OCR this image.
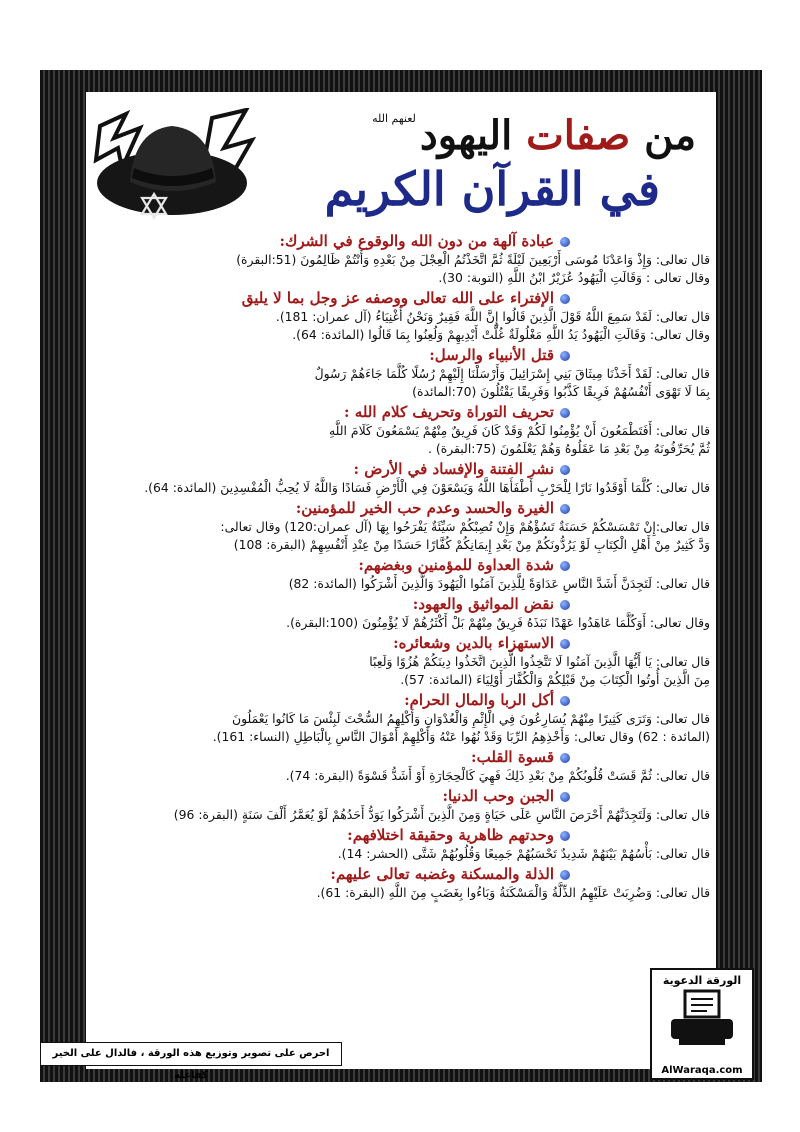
من صفات اليهود$^{لعنهم الله}$
في القرآن الكريم
عبادة آلهة من دون الله والوقوع في الشرك:
قال تعالى: وَإِذْ وَاعَدْنَا مُوسَى أَرْبَعِينَ لَيْلَةً ثُمَّ اتَّخَذْتُمُ الْعِجْلَ مِنْ بَعْدِهِ وَأَنْتُمْ ظَالِمُونَ (51:البقرة)
وقال تعالى : وَقَالَتِ الْيَهُودُ عُزَيْرٌ ابْنُ اللَّهِ (التوبة: 30).
الإفتراء على الله تعالى ووصفه عز وجل بما لا يليق
قال تعالى: لَقَدْ سَمِعَ اللَّهُ قَوْلَ الَّذِينَ قَالُوا إِنَّ اللَّهَ فَقِيرٌ وَنَحْنُ أَغْنِيَاءُ (آل عمران: 181).
وقال تعالى: وَقَالَتِ الْيَهُودُ يَدُ اللَّهِ مَغْلُولَةٌ غُلَّتْ أَيْدِيهِمْ وَلُعِنُوا بِمَا قَالُوا (المائدة: 64).
قتل الأنبياء والرسل:
قال تعالى: لَقَدْ أَخَذْنَا مِيثَاقَ بَنِي إِسْرَائِيلَ وَأَرْسَلْنَا إِلَيْهِمْ رُسُلًا كُلَّمَا جَاءَهُمْ رَسُولٌ
بِمَا لَا تَهْوَى أَنْفُسُهُمْ فَرِيقًا كَذَّبُوا وَفَرِيقًا يَقْتُلُونَ (70:المائدة)
تحريف التوراة وتحريف كلام الله :
قال تعالى: أَفَتَطْمَعُونَ أَنْ يُؤْمِنُوا لَكُمْ وَقَدْ كَانَ فَرِيقٌ مِنْهُمْ يَسْمَعُونَ كَلَامَ اللَّهِ
ثُمَّ يُحَرِّفُونَهُ مِنْ بَعْدِ مَا عَقَلُوهُ وَهُمْ يَعْلَمُونَ (75:البقرة) .
نشر الفتنة والإفساد في الأرض :
قال تعالى: كُلَّمَا أَوْقَدُوا نَارًا لِلْحَرْبِ أَطْفَأَهَا اللَّهُ وَيَسْعَوْنَ فِي الْأَرْضِ فَسَادًا وَاللَّهُ لَا يُحِبُّ الْمُفْسِدِينَ (المائدة: 64).
الغيرة والحسد وعدم حب الخير للمؤمنين:
قال تعالى:إِنْ تَمْسَسْكُمْ حَسَنَةٌ تَسُؤْهُمْ وَإِنْ تُصِبْكُمْ سَيِّئَةٌ يَفْرَحُوا بِهَا (آل عمران:120) وقال تعالى:
وَدَّ كَثِيرٌ مِنْ أَهْلِ الْكِتَابِ لَوْ يَرُدُّونَكُمْ مِنْ بَعْدِ إِيمَانِكُمْ كُفَّارًا حَسَدًا مِنْ عِنْدِ أَنْفُسِهِمْ (البقرة: 108)
شدة العداوة للمؤمنين وبغضهم:
قال تعالى: لَتَجِدَنَّ أَشَدَّ النَّاسِ عَدَاوَةً لِلَّذِينَ آمَنُوا الْيَهُودَ وَالَّذِينَ أَشْرَكُوا (المائدة: 82)
نقض المواثيق والعهود:
وقال تعالى: أَوَكُلَّمَا عَاهَدُوا عَهْدًا نَبَذَهُ فَرِيقٌ مِنْهُمْ بَلْ أَكْثَرُهُمْ لَا يُؤْمِنُونَ (100:البقرة).
الاستهزاء بالدين وشعائره:
قال تعالى: يَا أَيُّهَا الَّذِينَ آمَنُوا لَا تَتَّخِذُوا الَّذِينَ اتَّخَذُوا دِينَكُمْ هُزُوًا وَلَعِبًا
مِنَ الَّذِينَ أُوتُوا الْكِتَابَ مِنْ قَبْلِكُمْ وَالْكُفَّارَ أَوْلِيَاءَ (المائدة: 57).
أكل الربا والمال الحرام:
قال تعالى: وَتَرَى كَثِيرًا مِنْهُمْ يُسَارِعُونَ فِي الْإِثْمِ وَالْعُدْوَانِ وَأَكْلِهِمُ السُّحْتَ لَبِئْسَ مَا كَانُوا يَعْمَلُونَ
(المائدة : 62) وقال تعالى: وَأَخْذِهِمُ الرِّبَا وَقَدْ نُهُوا عَنْهُ وَأَكْلِهِمْ أَمْوَالَ النَّاسِ بِالْبَاطِلِ (النساء: 161).
قسوة القلب:
قال تعالى: ثُمَّ قَسَتْ قُلُوبُكُمْ مِنْ بَعْدِ ذَلِكَ فَهِيَ كَالْحِجَارَةِ أَوْ أَشَدُّ قَسْوَةً (البقرة: 74).
الجبن وحب الدنيا:
قال تعالى: وَلَتَجِدَنَّهُمْ أَحْرَصَ النَّاسِ عَلَى حَيَاةٍ وَمِنَ الَّذِينَ أَشْرَكُوا يَوَدُّ أَحَدُهُمْ لَوْ يُعَمَّرُ أَلْفَ سَنَةٍ (البقرة: 96)
وحدتهم ظاهرية وحقيقة اختلافهم:
قال تعالى: بَأْسُهُمْ بَيْنَهُمْ شَدِيدٌ تَحْسَبُهُمْ جَمِيعًا وَقُلُوبُهُمْ شَتَّى (الحشر: 14).
الذلة والمسكنة وغضبه تعالى عليهم:
قال تعالى: وَضُرِبَتْ عَلَيْهِمُ الذِّلَّةُ وَالْمَسْكَنَةُ وَبَاءُوا بِغَضَبٍ مِنَ اللَّهِ (البقرة: 61).
الورقة الدعوية
AlWaraqa.com
احرص على تصوير وتوزيع هذه الورقة ، فالدال على الخير كفاعله
